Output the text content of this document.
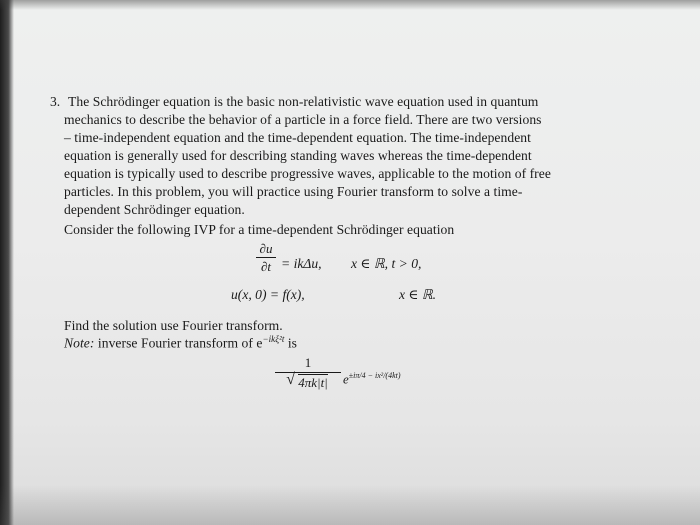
3. The Schrödinger equation is the basic non-relativistic wave equation used in quantum
mechanics to describe the behavior of a particle in a force field. There are two versions
– time-independent equation and the time-dependent equation. The time-independent
equation is generally used for describing standing waves whereas the time-dependent
equation is typically used to describe progressive waves, applicable to the motion of free
particles. In this problem, you will practice using Fourier transform to solve a time-
dependent Schrödinger equation.
Consider the following IVP for a time-dependent Schrödinger equation
∂u
∂t = ikΔu, x ∈ ℝ, t > 0,
u(x, 0) = f(x),	x ∈ ℝ.
Find the solution use Fourier transform.
Note: inverse Fourier transform of $e^{-ik\xi^2t}$ is
1
√ 4πk|t|	$e^{\pm i\pi/4 - ix^2/(4kt)}$
